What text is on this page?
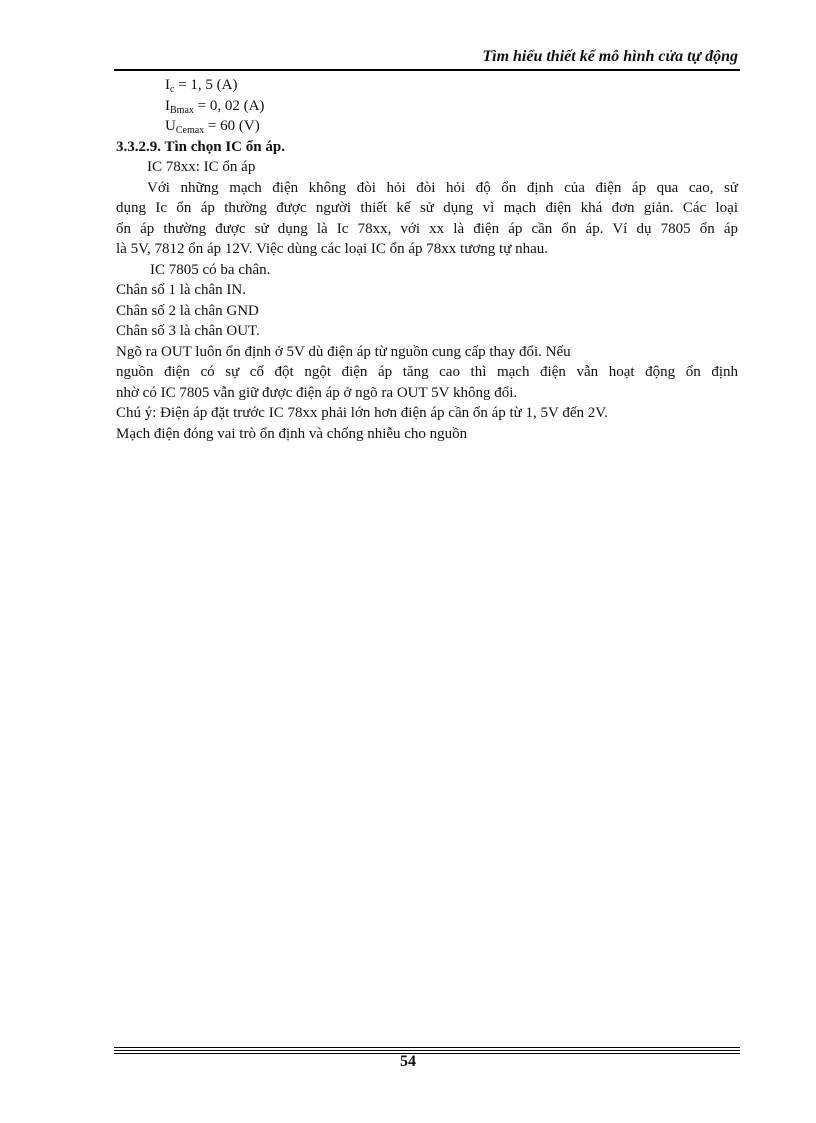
Tìm hiểu thiết kế mô hình cửa tự động

$I_c = 1$, 5 (A)

$I_{Bmax} = 0$, 02 (A)

$U_{Cemax} = 60$ (V)

3.3.2.9. Tìn chọn IC ổn áp.

IC 78xx: IC ổn áp

Với những mạch điện không đòi hỏi đòi hỏi độ ổn định của điện áp qua cao, sử

dụng Ic ổn áp thường được người thiết kế sử dụng vì mạch điện khá đơn giản. Các loại

ổn áp thường được sử dụng là Ic 78xx, với xx là điện áp cần ổn áp. Ví dụ 7805 ổn áp

là 5V, 7812 ổn áp 12V. Việc dùng các loại IC ổn áp 78xx tương tự nhau.

IC 7805 có ba chân.

Chân số 1 là chân IN.

Chân số 2 là chân GND

Chân số 3 là chân OUT.

Ngõ ra OUT luôn ổn định ở 5V dù điện áp từ nguồn cung cấp thay đổi. Nếu

nguồn điện có sự cố đột ngột điện áp tăng cao thì mạch điện vẫn hoạt động ổn định

nhờ có IC 7805 vẫn giữ được điện áp ở ngõ ra OUT 5V không đổi.

Chú ý: Điện áp đặt trước IC 78xx phải lớn hơn điện áp cần ổn áp từ 1, 5V đến 2V.

Mạch điện đóng vai trò ổn định và chống nhiễu cho nguồn

54
